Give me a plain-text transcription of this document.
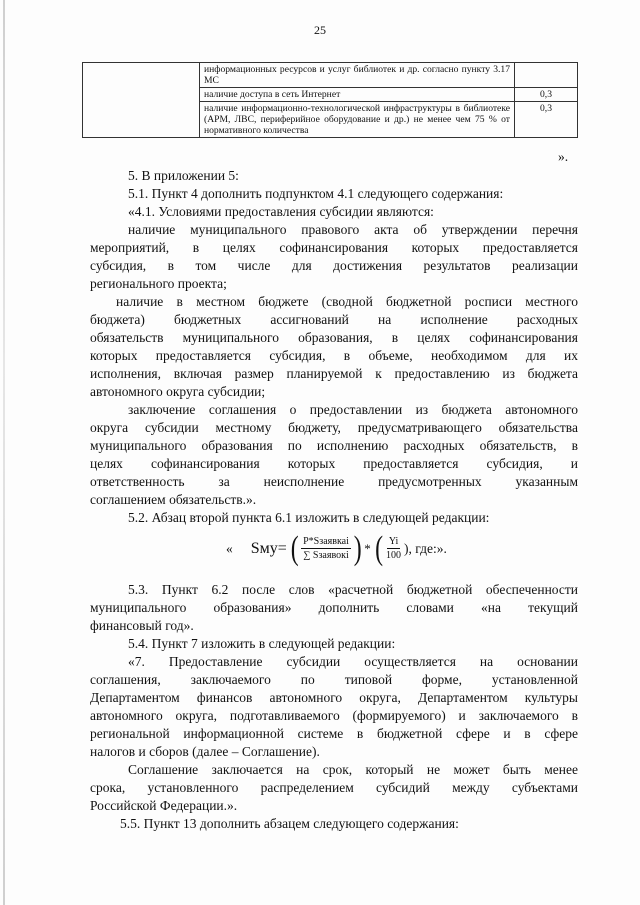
25
	информационных ресурсов и услуг библиотек и др. согласно пункту 3.17 МС	
	наличие доступа в сеть Интернет	0,3
	наличие информационно-технологической инфраструктуры в библиотеке (АРМ, ЛВС, периферийное оборудование и др.) не менее чем 75 % от нормативного количества	0,3
».
5. В приложении 5:
5.1. Пункт 4 дополнить подпунктом 4.1 следующего содержания:
«4.1. Условиями предоставления субсидии являются:
наличие муниципального правового акта об утверждении перечня
мероприятий, в целях софинансирования которых предоставляется
субсидия, в том числе для достижения результатов реализации
регионального проекта;
наличие в местном бюджете (сводной бюджетной росписи местного
бюджета) бюджетных ассигнований на исполнение расходных
обязательств муниципального образования, в целях софинансирования
которых предоставляется субсидия, в объеме, необходимом для их
исполнения, включая размер планируемой к предоставлению из бюджета
автономного округа субсидии;
заключение соглашения о предоставлении из бюджета автономного
округа субсидии местному бюджету, предусматривающего обязательства
муниципального образования по исполнению расходных обязательств, в
целях софинансирования которых предоставляется субсидия, и
ответственность за неисполнение предусмотренных указанным
соглашением обязательств.».
5.2. Абзац второй пункта 6.1 изложить в следующей редакции:
« Sму= ( $\frac{\text{P*Sзаявкаi}}{\text{∑ Sзаявокi}}$ ) * ( $\frac{Yi}{100}$ ), где:».
5.3. Пункт 6.2 после слов «расчетной бюджетной обеспеченности
муниципального образования» дополнить словами «на текущий
финансовый год».
5.4. Пункт 7 изложить в следующей редакции:
«7. Предоставление субсидии осуществляется на основании
соглашения, заключаемого по типовой форме, установленной
Департаментом финансов автономного округа, Департаментом культуры
автономного округа, подготавливаемого (формируемого) и заключаемого в
региональной информационной системе в бюджетной сфере и в сфере
налогов и сборов (далее – Соглашение).
Соглашение заключается на срок, который не может быть менее
срока, установленного распределением субсидий между субъектами
Российской Федерации.».
5.5. Пункт 13 дополнить абзацем следующего содержания:
